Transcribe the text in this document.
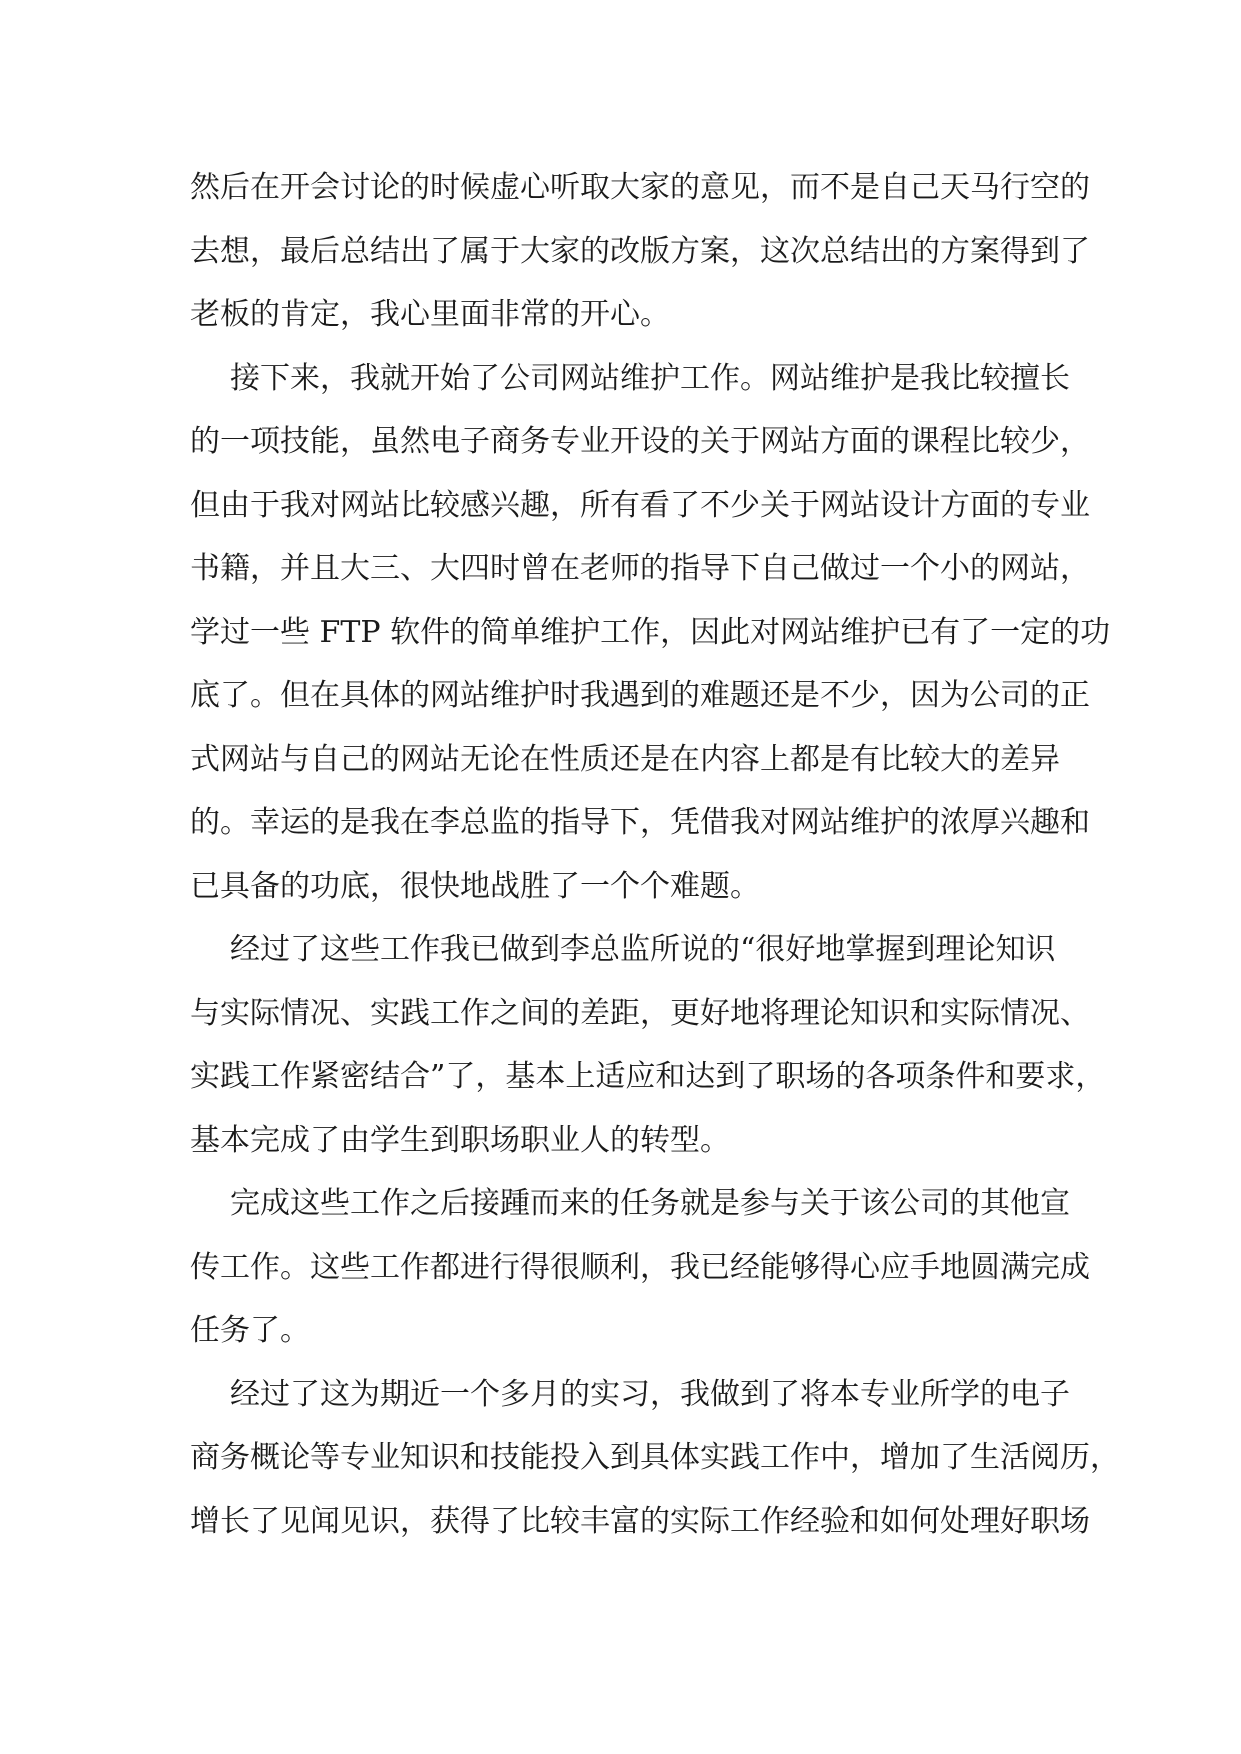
然后在开会讨论的时候虚心听取大家的意见，而不是自己天马行空的
去想，最后总结出了属于大家的改版方案，这次总结出的方案得到了
老板的肯定，我心里面非常的开心。
接下来，我就开始了公司网站维护工作。网站维护是我比较擅长
的一项技能，虽然电子商务专业开设的关于网站方面的课程比较少，
但由于我对网站比较感兴趣，所有看了不少关于网站设计方面的专业
书籍，并且大三、大四时曾在老师的指导下自己做过一个小的网站，
学过一些 FTP 软件的简单维护工作，因此对网站维护已有了一定的功
底了。但在具体的网站维护时我遇到的难题还是不少，因为公司的正
式网站与自己的网站无论在性质还是在内容上都是有比较大的差异
的。幸运的是我在李总监的指导下，凭借我对网站维护的浓厚兴趣和
已具备的功底，很快地战胜了一个个难题。
经过了这些工作我已做到李总监所说的“很好地掌握到理论知识
与实际情况、实践工作之间的差距，更好地将理论知识和实际情况、
实践工作紧密结合”了，基本上适应和达到了职场的各项条件和要求，
基本完成了由学生到职场职业人的转型。
完成这些工作之后接踵而来的任务就是参与关于该公司的其他宣
传工作。这些工作都进行得很顺利，我已经能够得心应手地圆满完成
任务了。
经过了这为期近一个多月的实习，我做到了将本专业所学的电子
商务概论等专业知识和技能投入到具体实践工作中，增加了生活阅历，
增长了见闻见识，获得了比较丰富的实际工作经验和如何处理好职场
